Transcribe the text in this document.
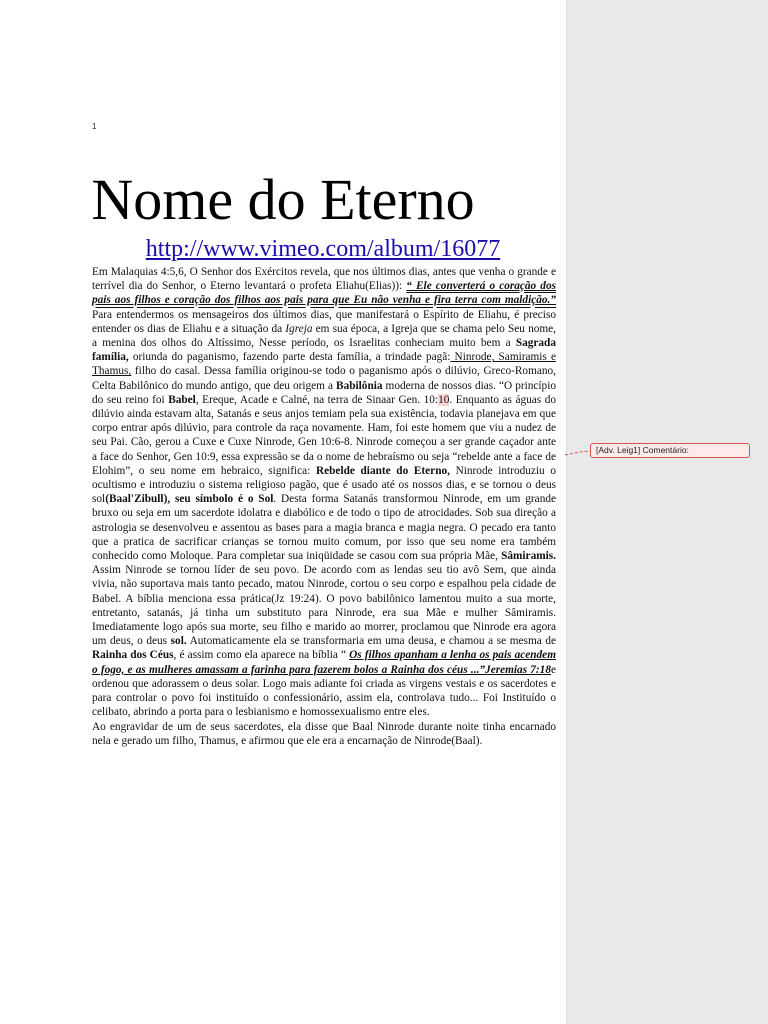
1
Nome do Eterno
http://www.vimeo.com/album/16077

Em Malaquias 4:5,6, O Senhor dos Exércitos revela, que nos últimos dias, antes que venha o grande e terrível dia do Senhor, o Eterno levantará o profeta Eliahu(Elias)): “ Ele converterá o coração dos pais aos filhos e coração dos filhos aos pais para que Eu não venha e fira terra com maldição.” Para entendermos os mensageiros dos últimos dias, que manifestará o Espírito de Eliahu, é preciso entender os dias de Eliahu e a situação da Igreja em sua época, a Igreja que se chama pelo Seu nome, a menina dos olhos do Altíssimo, Nesse período, os Israelitas conheciam muito bem a Sagrada família, oriunda do paganismo, fazendo parte desta família, a trindade pagã: Ninrode, Samiramis e Thamus, filho do casal. Dessa família originou-se todo o paganismo após o dilúvio, Greco-Romano, Celta Babilônico do mundo antigo, que deu origem a Babilônia moderna de nossos dias. “O princípio do seu reino foi Babel, Ereque, Acade e Calné, na terra de Sinaar Gen. 10:10. Enquanto as águas do dilúvio ainda estavam alta, Satanás e seus anjos temiam pela sua existência, todavia planejava em que corpo entrar após dilúvio, para controle da raça novamente. Ham, foi este homem que viu a nudez de seu Pai. Cão, gerou a Cuxe e Cuxe Ninrode, Gen 10:6-8. Ninrode começou a ser grande caçador ante a face do Senhor, Gen 10:9, essa expressão se da o nome de hebraísmo ou seja “rebelde ante a face de Elohim”, o seu nome em hebraico, significa: Rebelde diante do Eterno, Ninrode introduziu o ocultismo e introduziu o sistema religioso pagão, que é usado até os nossos dias, e se tornou o deus sol(Baal'Zibull), seu símbolo é o Sol. Desta forma Satanás transformou Ninrode, em um grande bruxo ou seja em um sacerdote idolatra e diabólico e de todo o tipo de atrocidades. Sob sua direção a astrologia se desenvolveu e assentou as bases para a magia branca e magia negra. O pecado era tanto que a pratica de sacrificar crianças se tornou muito comum, por isso que seu nome era também conhecido como Moloque. Para completar sua iniqüidade se casou com sua própria Mãe, Sâmiramis. Assim Ninrode se tornou líder de seu povo. De acordo com as lendas seu tio avô Sem, que ainda vivia, não suportava mais tanto pecado, matou Ninrode, cortou o seu corpo e espalhou pela cidade de Babel. A bíblia menciona essa prática(Jz 19:24). O povo babilônico lamentou muito a sua morte, entretanto, satanás, já tinha um substituto para Ninrode, era sua Mãe e mulher Sâmiramis. Imediatamente logo após sua morte, seu filho e marido ao morrer, proclamou que Ninrode era agora um deus, o deus sol. Automaticamente ela se transformaria em uma deusa, e chamou a se mesma de Rainha dos Céus, é assim como ela aparece na bíblia “ Os filhos apanham a lenha os pais acendem o fogo, e as mulheres amassam a farinha para fazerem bolos a Rainha dos céus ...”Jeremias 7:18e ordenou que adorassem o deus solar. Logo mais adiante foi criada as virgens vestais e os sacerdotes e para controlar o povo foi instituído o confessionário, assim ela, controlava tudo... Foi Instituído o celibato, abrindo a porta para o lesbianismo e homossexualismo entre eles.

Ao engravidar de um de seus sacerdotes, ela disse que Baal Ninrode durante noite tinha encarnado nela e gerado um filho, Thamus, e afirmou que ele era a encarnação de Ninrode(Baal).

[Adv. Leig1] Comentário:
